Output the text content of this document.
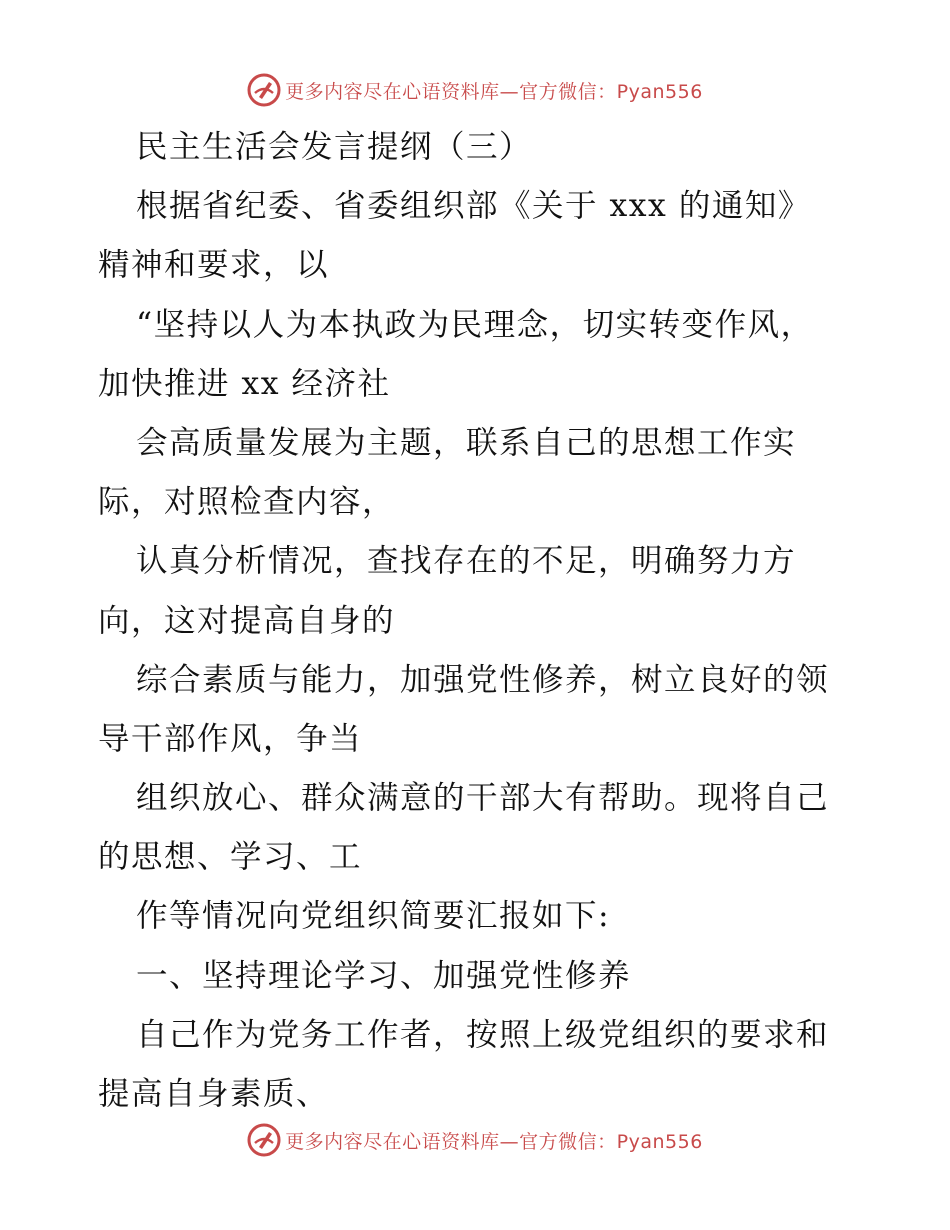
更多内容尽在心语资料库—官方微信：Pyan556
民主生活会发言提纲（三）
根据省纪委、省委组织部《关于 xxx 的通知》
精神和要求，以
“坚持以人为本执政为民理念，切实转变作风，
加快推进 xx 经济社
会高质量发展为主题，联系自己的思想工作实
际，对照检查内容，
认真分析情况，查找存在的不足，明确努力方
向，这对提高自身的
综合素质与能力，加强党性修养，树立良好的领
导干部作风，争当
组织放心、群众满意的干部大有帮助。现将自己
的思想、学习、工
作等情况向党组织简要汇报如下:
一、坚持理论学习、加强党性修养
自己作为党务工作者，按照上级党组织的要求和
提高自身素质、
更多内容尽在心语资料库—官方微信：Pyan556
